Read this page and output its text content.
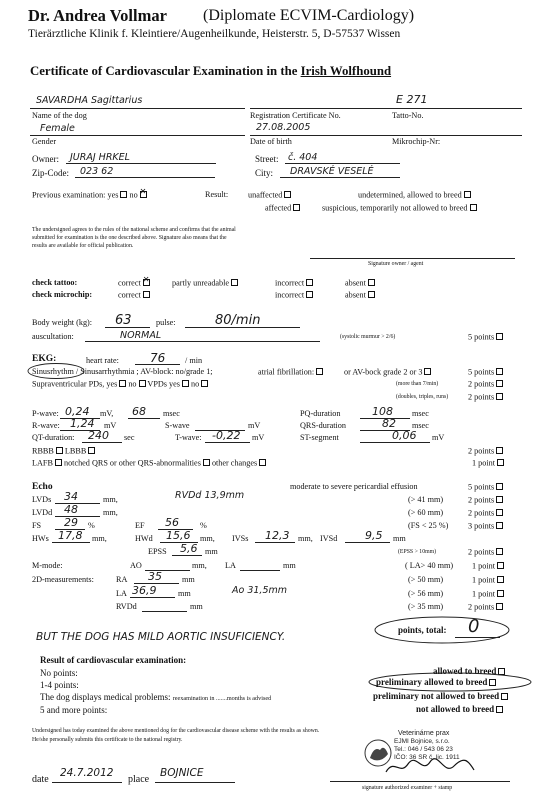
Dr. Andrea Vollmar (Diplomate ECVIM-Cardiology)
Tierärztliche Klinik f. Kleintiere/Augenheilkunde, Heisterstr. 5, D-57537 Wissen
Certificate of Cardiovascular Examination in the Irish Wolfhound
SAVARDHA Sagittarius	E 271
Name of the dog	Registration Certificate No.	Tatto-No.
Female	27.08.2005
Gender	Date of birth	Mikrochip-Nr:
Owner: JURAJ HRKEL	Street: č. 404
Zip-Code: 023 62	City: DRAVSKÉ VESELÉ
Previous examination: yes no ✕	Result: unaffected	undetermined, allowed to breed
affected	suspicious, temporarily not allowed to breed
The undersigned agrees to the rules of the national scheme and confirms that the animal
submitted for examination is the one described above. Signature also means that the
results are available for official publication.
Signature owner / agent
check tattoo:	correct ✕	partly unreadable	incorrect	absent
check microchip:	correct	incorrect	absent
Body weight (kg): 63	pulse:	80/min
auscultation:	NORMAL	(systolic murmur > 2/6)	5 points
EKG:	heart rate:	76 / min
Sinusrhythm / Sinusarrhythmia ; AV-block: no/grade 1;	atrial fibrillation:	or AV-bock grade 2 or 3	5 points
Supraventricular PDs, yes no VPDs yes no	(more than 7/min)	2 points
(doubles, triples, runs) 2 points
P-wave: 0,24 mV, 68 msec	PQ-duration	108 msec
R-wave: 1,24 mV	S-wave	mV	QRS-duration	82 msec
QT-duration: 240 sec	T-wave: -0,22 mV	ST-segment	0,06 mV
RBBB LBBB	2 points
LAFB notched QRS or other QRS-abnormalities other changes	1 point
Echo	moderate to severe pericardial effusion	5 points
LVDs 34	mm,	RVDd 13,9mm	(> 41 mm)	2 points
LVDd 48	mm,	(> 60 mm)	2 points
FS 29 %	EF 56	%	(FS < 25 %) 3 points
HWs 17,8 mm,	HWd 15,6 mm, IVSs 12,3 mm, IVSd	9,5 mm
EPSS 5,6 mm	(EPSS > 10mm)	2 points
M-mode:	AO	mm, LA	mm	( LA> 40 mm) 1 point
2D-measurements:	RA 35 mm	(> 50 mm)	1 point
LA 36,9	mm	Ao 31,5mm	(> 56 mm)	1 point
RVDd	mm	(> 35 mm)	2 points
BUT THE DOG HAS MILD AORTIC INSUFICIENCY.
points, total: 0
Result of cardiovascular examination:
No points:	allowed to breed
1-4 points:	preliminary allowed to breed
The dog displays medical problems: reexamination in .......months is advised	preliminary not allowed to breed
5 and more points:	not allowed to breed
Undersigned has today examined the above mentioned dog for the cardiovascular disease scheme with the results as shown.
He/she personally submits this certificate to the national registry.
Veterinárne prax
EJMI Bojnice, s.r.o.
Tel.: 046 / 543 06 23
IČO: 36 SR č. lic. 1911
date
24.7.2012
place
BOJNICE
signature authorized examiner + stamp
